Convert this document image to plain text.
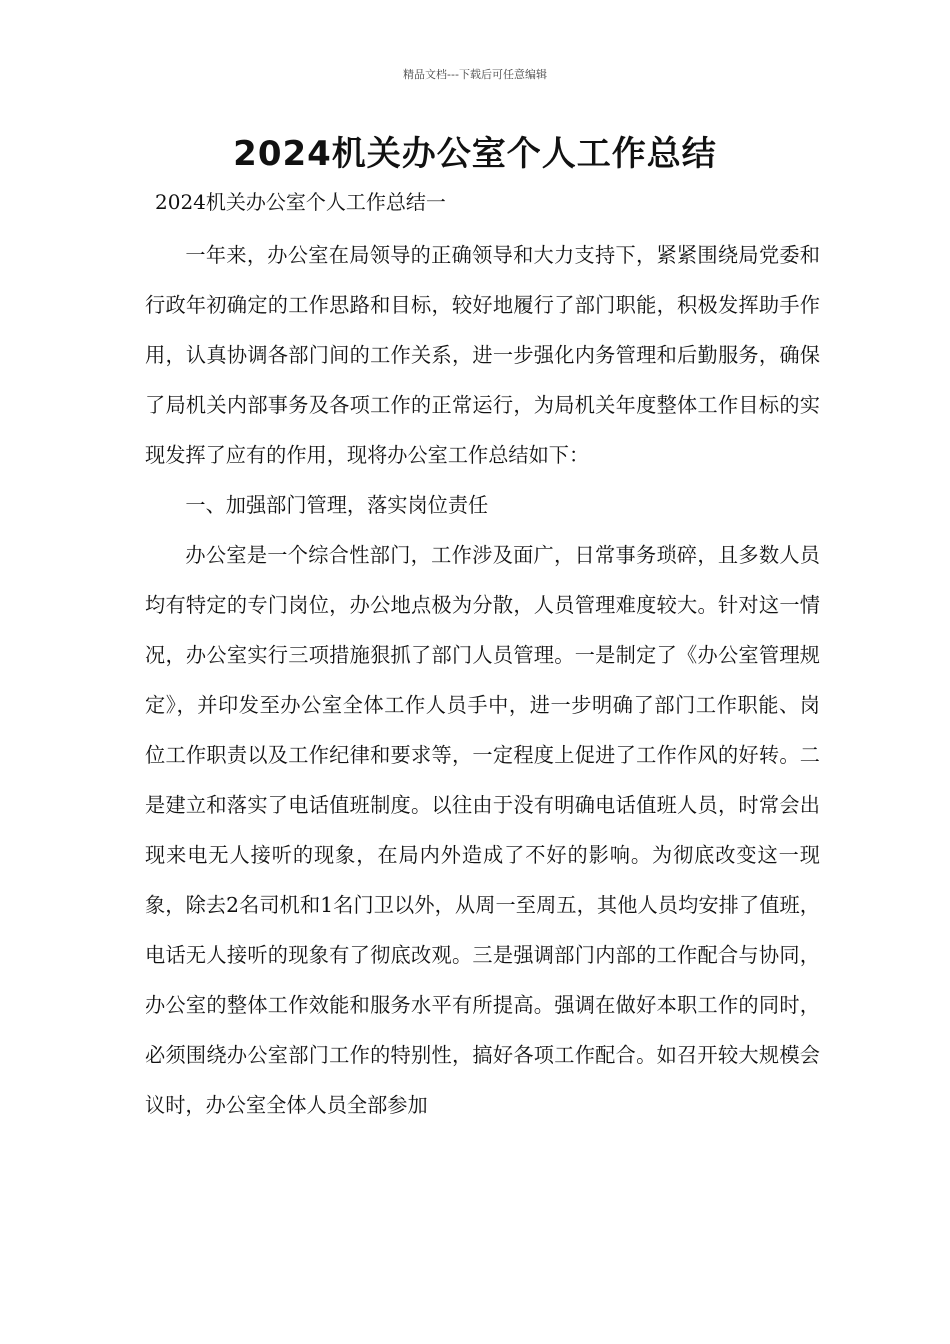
精品文档---下载后可任意编辑
2024机关办公室个人工作总结
2024机关办公室个人工作总结一

一年来，办公室在局领导的正确领导和大力支持下，紧紧围绕局党委和行政年初确定的工作思路和目标，较好地履行了部门职能，积极发挥助手作用，认真协调各部门间的工作关系，进一步强化内务管理和后勤服务，确保了局机关内部事务及各项工作的正常运行，为局机关年度整体工作目标的实现发挥了应有的作用，现将办公室工作总结如下：

一、加强部门管理，落实岗位责任

办公室是一个综合性部门，工作涉及面广，日常事务琐碎，且多数人员均有特定的专门岗位，办公地点极为分散，人员管理难度较大。针对这一情况，办公室实行三项措施狠抓了部门人员管理。一是制定了《办公室管理规定》，并印发至办公室全体工作人员手中，进一步明确了部门工作职能、岗位工作职责以及工作纪律和要求等，一定程度上促进了工作作风的好转。二是建立和落实了电话值班制度。以往由于没有明确电话值班人员，时常会出现来电无人接听的现象，在局内外造成了不好的影响。为彻底改变这一现象，除去2名司机和1名门卫以外，从周一至周五，其他人员均安排了值班，电话无人接听的现象有了彻底改观。三是强调部门内部的工作配合与协同，办公室的整体工作效能和服务水平有所提高。强调在做好本职工作的同时，必须围绕办公室部门工作的特别性，搞好各项工作配合。如召开较大规模会议时，办公室全体人员全部参加
